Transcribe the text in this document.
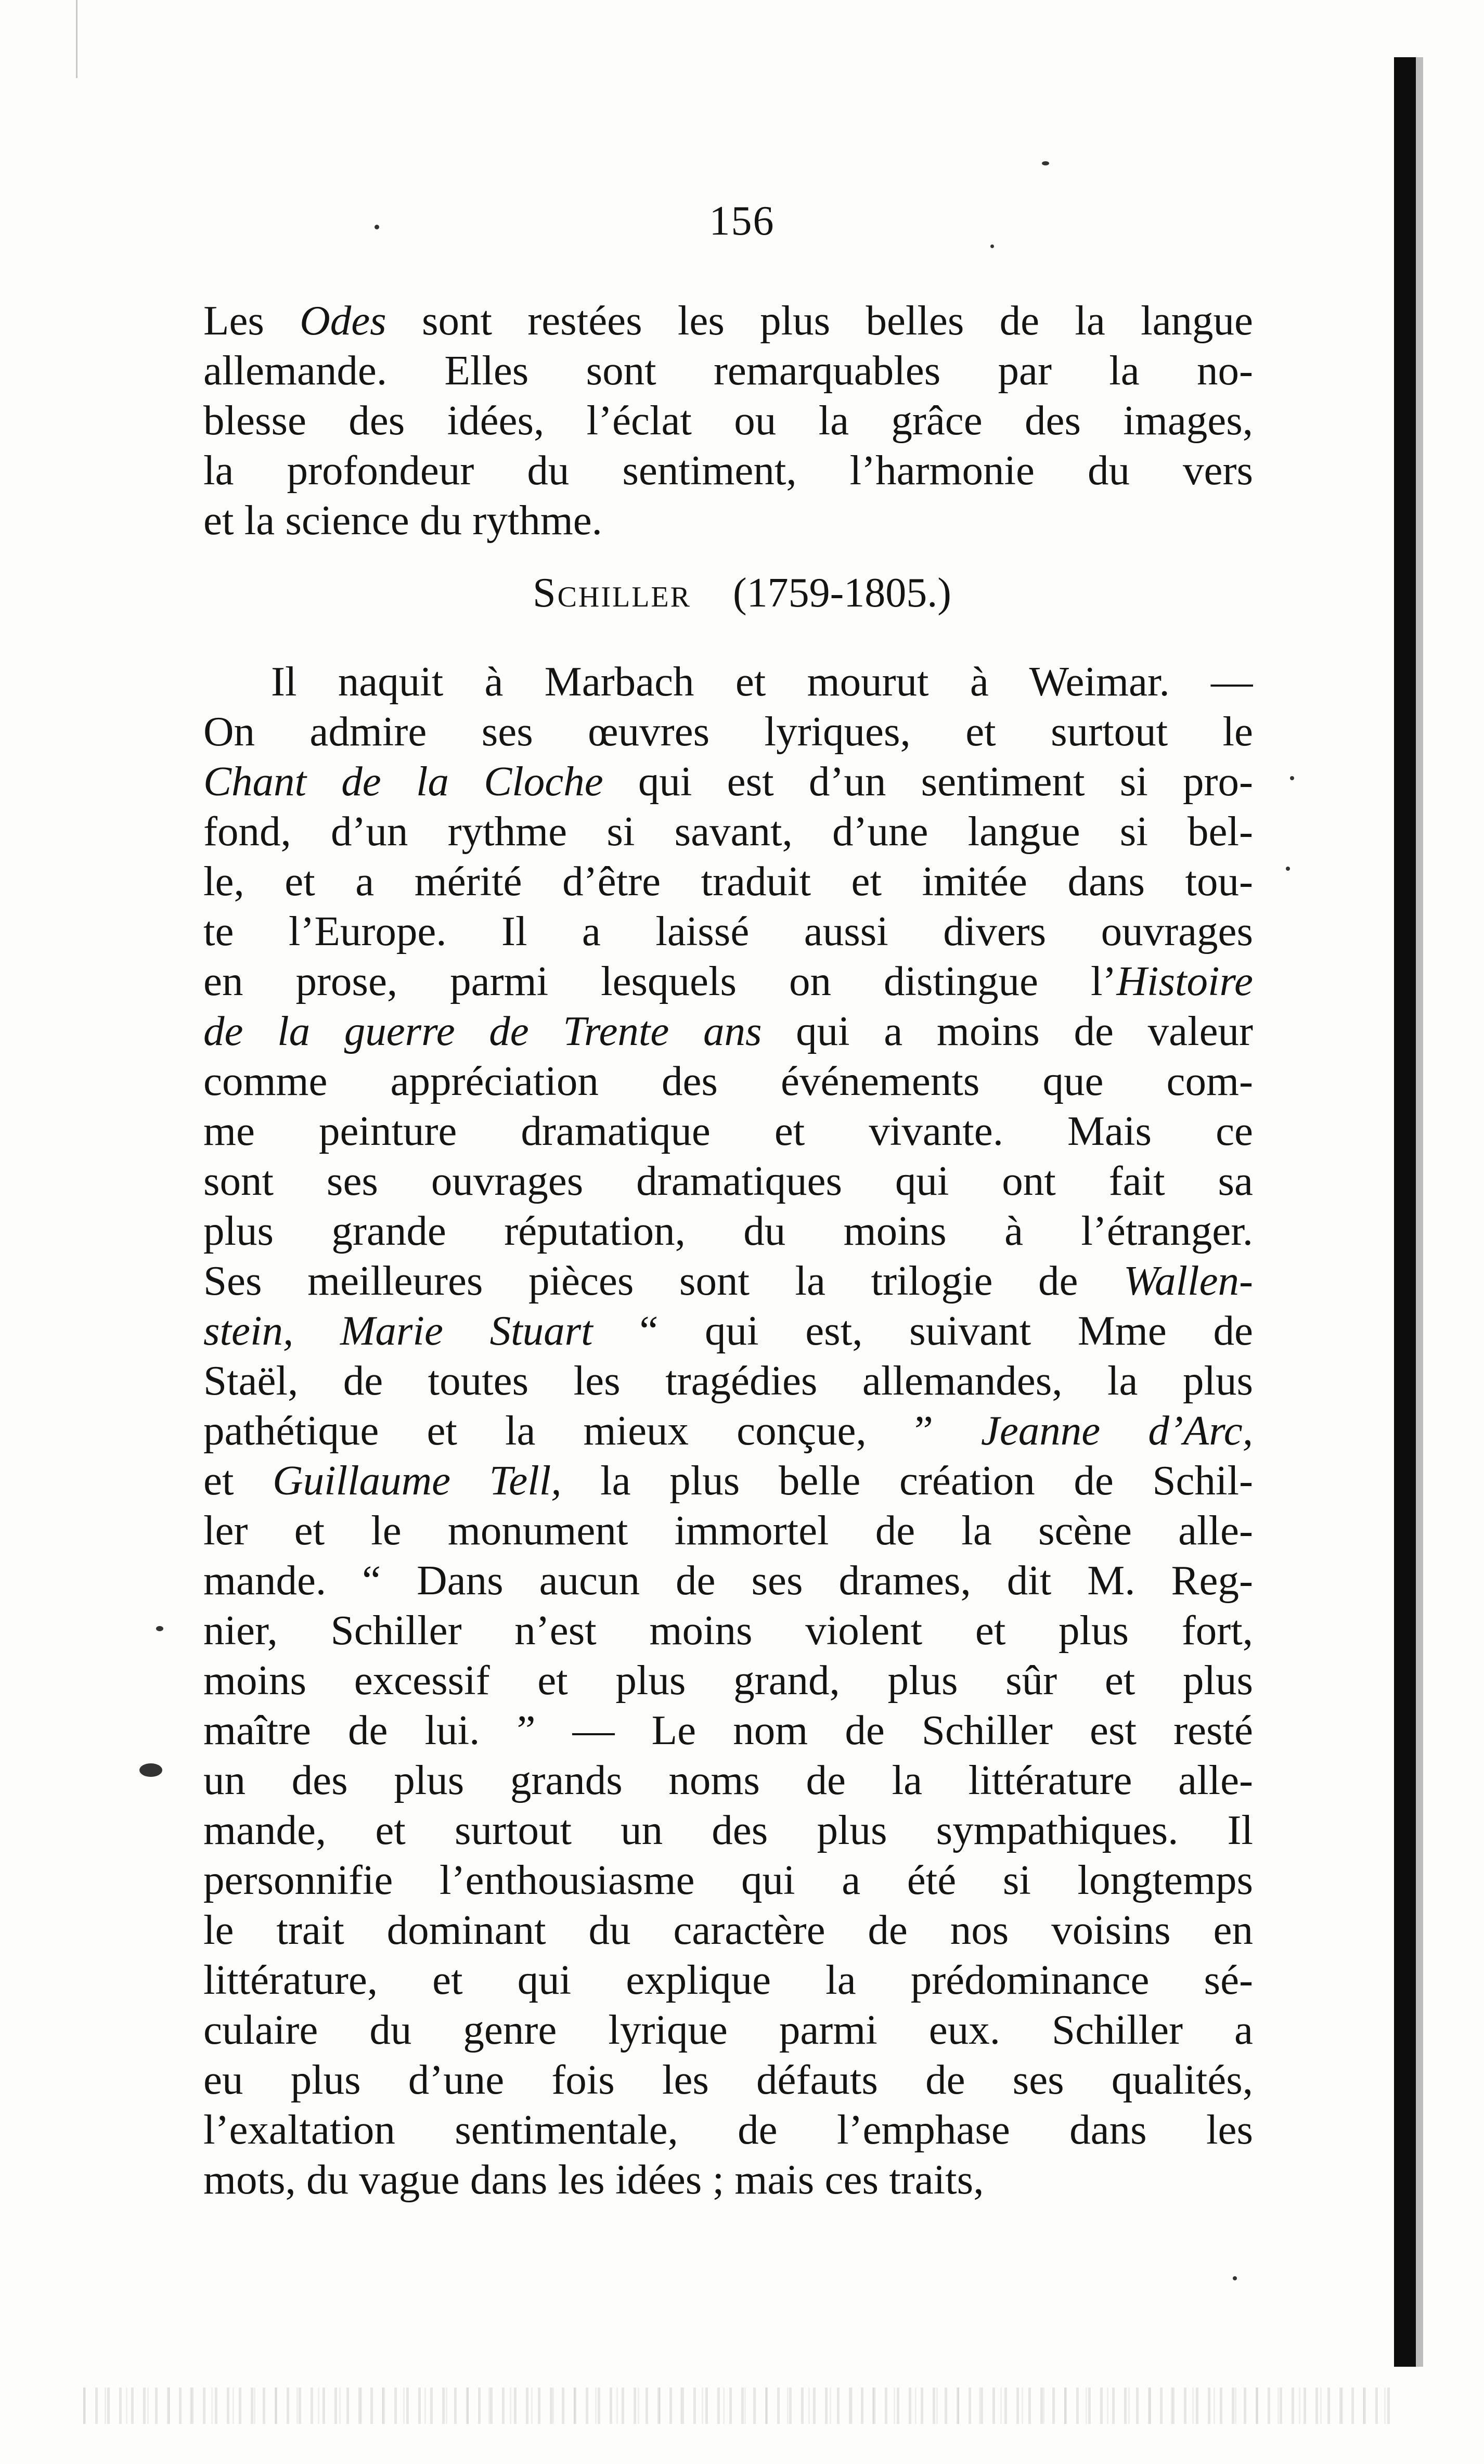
156
Les Odes sont restées les plus belles de la langue
allemande. Elles sont remarquables par la no-
blesse des idées, l’éclat ou la grâce des images,
la profondeur du sentiment, l’harmonie du vers
et la science du rythme.
Schiller (1759-1805.)
Il naquit à Marbach et mourut à Weimar. —
On admire ses œuvres lyriques, et surtout le
Chant de la Cloche qui est d’un sentiment si pro-
fond, d’un rythme si savant, d’une langue si bel-
le, et a mérité d’être traduit et imitée dans tou-
te l’Europe. Il a laissé aussi divers ouvrages
en prose, parmi lesquels on distingue l’Histoire
de la guerre de Trente ans qui a moins de valeur
comme appréciation des événements que com-
me peinture dramatique et vivante. Mais ce
sont ses ouvrages dramatiques qui ont fait sa
plus grande réputation, du moins à l’étranger.
Ses meilleures pièces sont la trilogie de Wallen-
stein, Marie Stuart “ qui est, suivant Mme de
Staël, de toutes les tragédies allemandes, la plus
pathétique et la mieux conçue, ” Jeanne d’Arc,
et Guillaume Tell, la plus belle création de Schil-
ler et le monument immortel de la scène alle-
mande. “ Dans aucun de ses drames, dit M. Reg-
nier, Schiller n’est moins violent et plus fort,
moins excessif et plus grand, plus sûr et plus
maître de lui. ” — Le nom de Schiller est resté
un des plus grands noms de la littérature alle-
mande, et surtout un des plus sympathiques. Il
personnifie l’enthousiasme qui a été si longtemps
le trait dominant du caractère de nos voisins en
littérature, et qui explique la prédominance sé-
culaire du genre lyrique parmi eux. Schiller a
eu plus d’une fois les défauts de ses qualités,
l’exaltation sentimentale, de l’emphase dans les
mots, du vague dans les idées ; mais ces traits,
